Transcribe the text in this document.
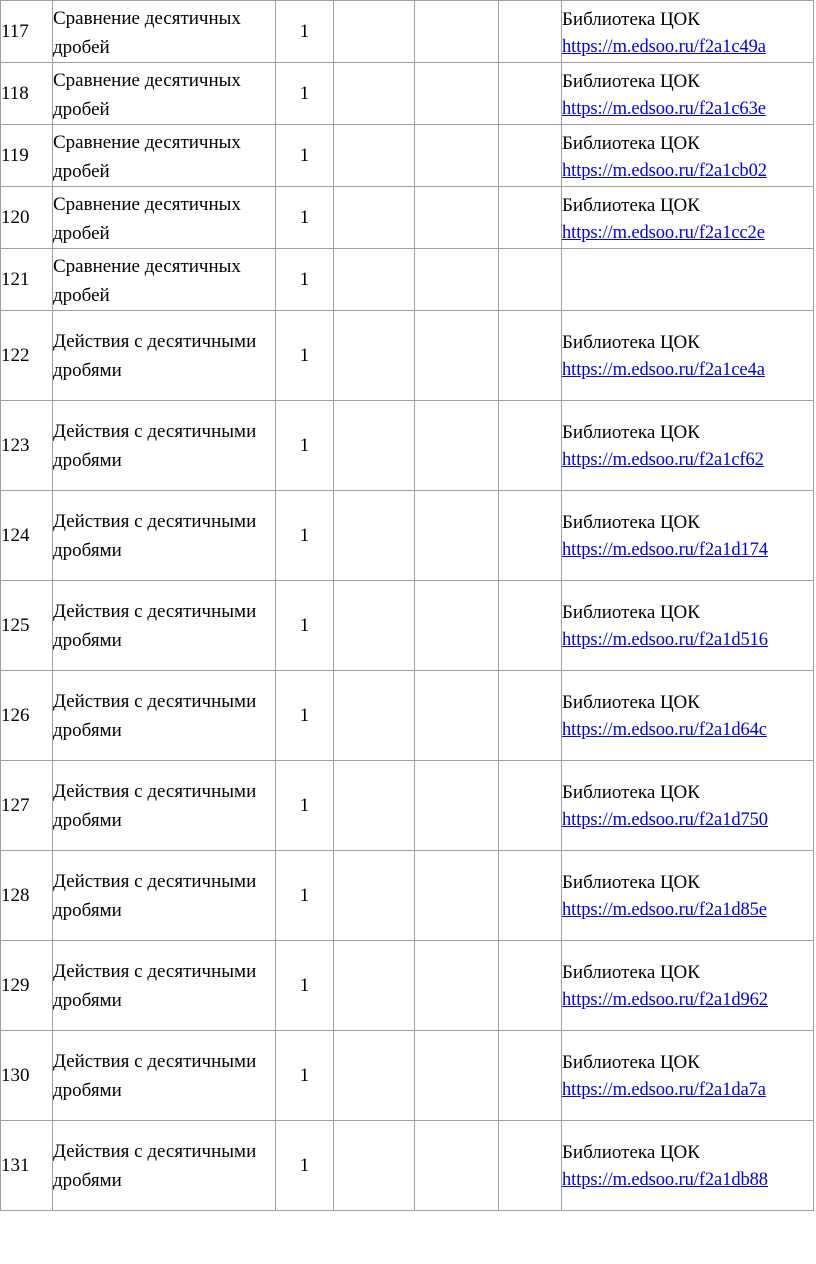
117	Сравнение десятичных дробей	1				Библиотека ЦОК
https://m.edsoo.ru/f2a1c49a

118	Сравнение десятичных дробей	1				Библиотека ЦОК
https://m.edsoo.ru/f2a1c63e

119	Сравнение десятичных дробей	1				Библиотека ЦОК
https://m.edsoo.ru/f2a1cb02

120	Сравнение десятичных дробей	1				Библиотека ЦОК
https://m.edsoo.ru/f2a1cc2e

121	Сравнение десятичных дробей	1				
122	Действия с десятичными дробями	1				Библиотека ЦОК
https://m.edsoo.ru/f2a1ce4a

123	Действия с десятичными дробями	1				Библиотека ЦОК
https://m.edsoo.ru/f2a1cf62

124	Действия с десятичными дробями	1				Библиотека ЦОК
https://m.edsoo.ru/f2a1d174

125	Действия с десятичными дробями	1				Библиотека ЦОК
https://m.edsoo.ru/f2a1d516

126	Действия с десятичными дробями	1				Библиотека ЦОК
https://m.edsoo.ru/f2a1d64c

127	Действия с десятичными дробями	1				Библиотека ЦОК
https://m.edsoo.ru/f2a1d750

128	Действия с десятичными дробями	1				Библиотека ЦОК
https://m.edsoo.ru/f2a1d85e

129	Действия с десятичными дробями	1				Библиотека ЦОК
https://m.edsoo.ru/f2a1d962

130	Действия с десятичными дробями	1				Библиотека ЦОК
https://m.edsoo.ru/f2a1da7a

131	Действия с десятичными дробями	1				Библиотека ЦОК
https://m.edsoo.ru/f2a1db88
